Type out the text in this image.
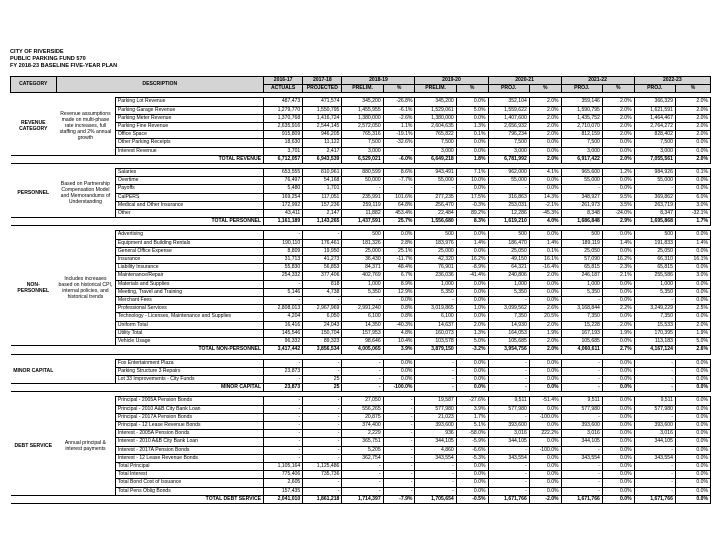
CITY OF RIVERSIDE
PUBLIC PARKING FUND 570
FY 2018-23 BASELINE FIVE-YEAR PLAN
CATEGORY	DESCRIPTION		2016-17	2017-18	2018-19		2019-20		2020-21		2021-22		2022-23	
			ACTUALS	PROJECTED	PRELIM.	%	PRELIM.	%	PROJ.	%	PROJ.	%	PROJ.	%

REVENUE CATEGORY	Revenue assumptions made on multi-phase rate increases, full staffing and 2% annual growth	Parking Lot Revenue	487,473	471,574	345,200	-26.8%	345,200	0.0%	352,104	2.0%	359,146	2.0%	366,329	2.0%
		Parking Garage Revenue	1,279,770	1,550,795	1,455,955	-6.1%	1,529,061	5.0%	1,559,622	2.0%	1,590,795	2.0%	1,621,591	2.0%
		Parking Meter Revenue	1,370,768	1,416,724	1,380,000	-2.6%	1,380,000	0.0%	1,407,600	2.0%	1,435,752	2.0%	1,464,467	2.0%
		Parking Fine Revenue	2,635,916	2,544,145	2,572,050	1.1%	2,604,635	1.3%	2,656,932	2.0%	2,710,070	2.0%	2,764,272	2.0%
		Office Space	915,809	946,205	765,316	-19.1%	765,822	0.1%	796,234	2.0%	812,159	2.0%	828,402	2.0%
		Other Parking Receipts	18,630	11,122	7,500	-32.6%	7,500	0.0%	7,500	0.0%	7,500	0.0%	7,500	0.0%
		Interest Revenue	3,701	2,417	3,000	-	3,000	0.0%	3,000	0.0%	3,000	0.0%	3,000	0.0%
TOTAL REVENUE			6,712,057	6,943,539	6,529,021	-6.0%	6,649,218	1.8%	6,781,992	2.0%	6,917,422	2.0%	7,055,561	2.0%

PERSONNEL	Based on Partnership Compensation Model and Memorandums of Understanding	Salaries	653,555	810,961	880,599	8.6%	943,491	7.1%	962,000	4.1%	965,600	1.2%	984,926	0.1%
		Overtime	76,497	54,168	50,000	-7.7%	55,000	10.0%	55,000	0.0%	55,000	0.0%	55,000	0.0%
		Payoffs	5,480	1,701	-	-	-	0.0%	-	0.0%	-	0.0%	-	0.0%
		CalPERS	169,254	117,051	235,991	101.6%	277,235	17.5%	316,863	14.3%	348,927	9.5%	369,862	6.0%
		Medical and Other Insurance	172,992	157,236	259,119	64.8%	256,470	-0.3%	253,031	-2.1%	261,973	3.5%	263,719	3.0%
		Other	43,411	2,147	11,882	453.4%	22,484	89.2%	12,286	-45.3%	8,348	-24.0%	8,347	-32.1%
TOTAL PERSONNEL			1,161,189	1,143,265	1,437,591	25.7%	1,556,680	8.3%	1,619,210	4.0%	1,686,848	2.9%	1,695,868	1.7%

NON-PERSONNEL	Includes increases based on historical CPI, internal policies, and historical trends	Advertising	-	-	500	0.0%	500	0.0%	500	0.0%	500	0.0%	500	0.0%
		Equipment and Building Rentals	190,110	176,461	181,326	2.8%	183,976	1.4%	186,470	1.4%	189,119	1.4%	191,833	1.4%
		General Office Expense	8,809	19,950	25,000	25.1%	25,000	0.0%	25,050	0.1%	25,050	0.0%	25,050	0.0%
		Insurance	31,713	41,273	36,430	-11.7%	42,320	16.2%	49,150	16.1%	57,090	16.2%	66,310	16.1%
		Liability Insurance	55,830	56,853	84,371	48.4%	76,901	-8.9%	64,321	-16.4%	65,815	2.3%	65,815	0.0%
		Maintenance/Repair	254,332	377,406	402,769	6.7%	236,036	-41.4%	240,806	2.0%	246,187	2.1%	255,586	3.0%
		Materials and Supplies	-	818	1,000	8.9%	1,000	0.0%	1,000	0.0%	1,000	0.0%	1,000	0.0%
		Meeting, Travel and Training	5,146	4,738	5,350	12.9%	5,350	0.0%	5,350	0.0%	5,350	0.0%	5,350	0.0%
		Merchant Fees	-	-	-	0.0%	-	0.0%	-	0.0%	-	0.0%	-	0.0%
		Professional Services	2,808,013	2,967,969	2,991,240	0.8%	3,019,865	1.0%	3,099,562	2.6%	3,168,844	2.2%	3,249,229	2.5%
		Technology - Licenses, Maintenance and Supplies	4,204	6,050	6,100	0.8%	6,100	0.0%	7,350	20.5%	7,350	0.0%	7,350	0.0%
		Uniform Total	16,416	24,043	14,350	-40.3%	14,637	2.0%	14,930	2.0%	15,228	2.0%	15,533	2.0%
		Utility Total	145,546	150,704	157,953	4.8%	160,073	1.3%	164,053	1.9%	167,193	1.9%	170,395	1.9%
		Vehicle Usage	96,332	89,323	98,646	10.4%	103,578	5.0%	105,685	2.0%	105,685	0.0%	113,183	5.0%
TOTAL NON-PERSONNEL			3,417,442	3,856,534	4,005,065	3.9%	3,879,150	-3.2%	3,954,756	2.0%	4,060,611	2.7%	4,167,124	2.6%

MINOR CAPITAL		Fox Entertainment Plaza	-	-	-	0.0%	-	0.0%	-	0.0%	-	0.0%	-	0.0%
		Parking Structure 3 Repairs	23,873	-	-	0.0%	-	0.0%	-	0.0%	-	0.0%	-	0.0%
		Lot 33 Improvements - City Funds	-	25	-	0.0%	-	0.0%	-	0.0%	-	0.0%	-	0.0%
MINOR CAPITAL			23,873	25	-	-100.0%	-	0.0%	-	0.0%	-	0.0%	-	0.0%

DEBT SERVICE	Annual principal & interest payments	Principal - 2005A Pension Bonds	-	-	27,050	-	19,587	-27.6%	9,511	-51.4%	9,511	0.0%	9,511	0.0%
		Principal - 2010 A&B City Bank Loan	-	-	556,265	-	577,980	3.9%	577,980	0.0%	577,980	0.0%	577,980	0.0%
		Principal - 2017A Pension Bonds	-	-	20,875	-	21,023	1.7%	-	-100.0%	-	0.0%	-	0.0%
		Principal - 12 Lease Revenue Bonds	-	-	374,400	-	393,600	5.1%	393,600	0.0%	393,600	0.0%	393,600	0.0%
		Interest - 2005A Pension Bonds	-	-	2,229	-	936	-58.0%	3,016	222.2%	3,016	0.0%	3,016	0.0%
		Interest - 2010 A&B City Bank Loan	-	-	365,751	-	344,105	-5.9%	344,105	0.0%	344,105	0.0%	344,105	0.0%
		Interest - 2017A Pension Bonds	-	-	5,205	-	4,860	-6.6%	-	-100.0%	-	0.0%	-	0.0%
		Interest - 12 Lease Revenue Bonds	-	-	362,754	-	343,554	-5.3%	343,554	0.0%	343,554	0.0%	343,554	0.0%
		Total Principal	1,105,164	1,125,486	-	-	-	0.0%	-	0.0%	-	0.0%	-	0.0%
		Total Interest	775,406	735,736	-	-	-	0.0%	-	0.0%	-	0.0%	-	0.0%
		Total Bond Cost of Issuance	2,605	-	-	-	-	0.0%	-	0.0%	-	0.0%	-	0.0%
		Total Pens Oblig Bonds	157,435	-	-	-	-	0.0%	-	0.0%	-	0.0%	-	0.0%
TOTAL DEBT SERVICE			2,041,010	1,861,218	1,714,397	-7.9%	1,705,654	-0.5%	1,671,766	-2.0%	1,671,766	0.0%	1,671,766	0.0%
